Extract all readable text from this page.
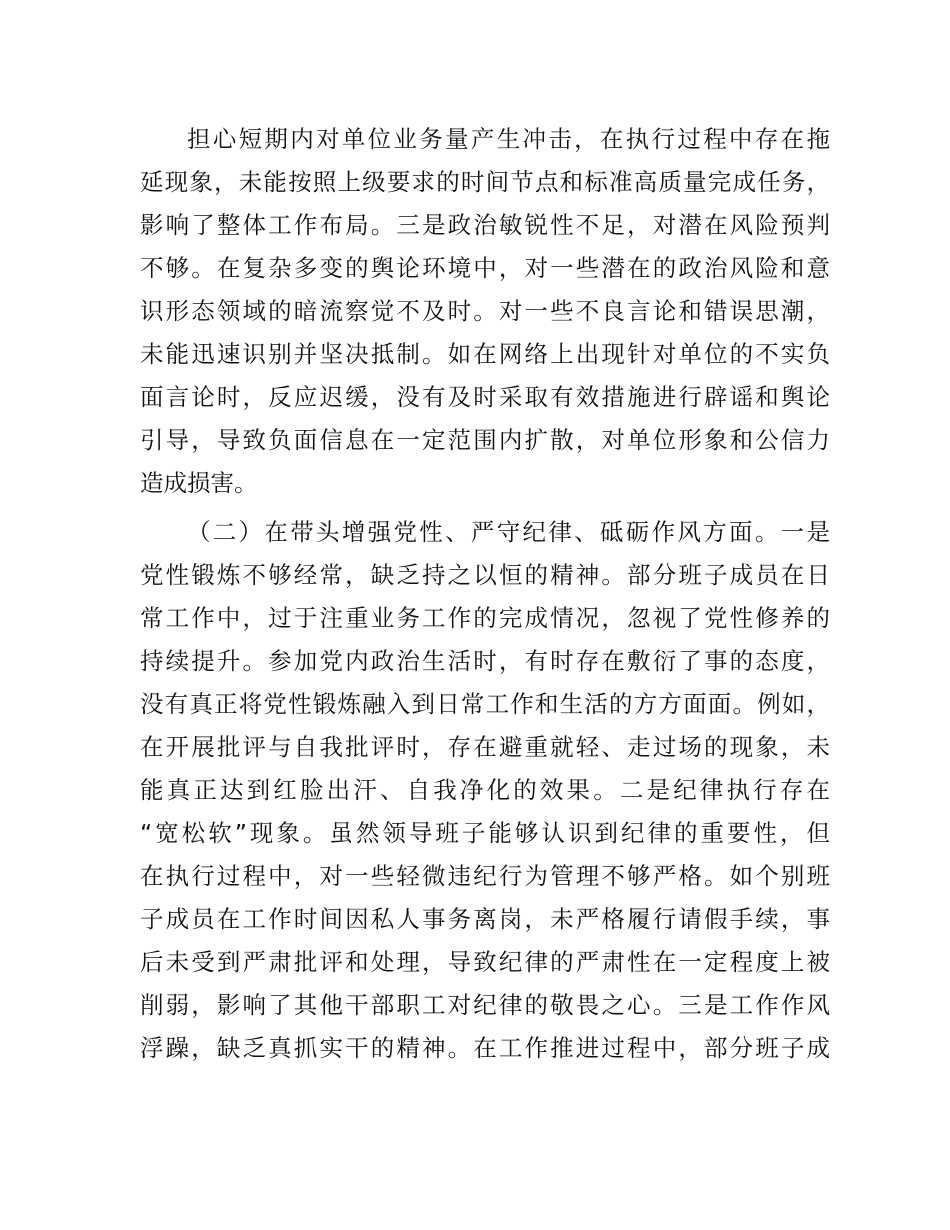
担心短期内对单位业务量产生冲击，在执行过程中存在拖
延现象，未能按照上级要求的时间节点和标准高质量完成任务，
影响了整体工作布局。三是政治敏锐性不足，对潜在风险预判
不够。在复杂多变的舆论环境中，对一些潜在的政治风险和意
识形态领域的暗流察觉不及时。对一些不良言论和错误思潮，
未能迅速识别并坚决抵制。如在网络上出现针对单位的不实负
面言论时，反应迟缓，没有及时采取有效措施进行辟谣和舆论
引导，导致负面信息在一定范围内扩散，对单位形象和公信力
造成损害。
（二）在带头增强党性、严守纪律、砥砺作风方面。一是
党性锻炼不够经常，缺乏持之以恒的精神。部分班子成员在日
常工作中，过于注重业务工作的完成情况，忽视了党性修养的
持续提升。参加党内政治生活时，有时存在敷衍了事的态度，
没有真正将党性锻炼融入到日常工作和生活的方方面面。例如，
在开展批评与自我批评时，存在避重就轻、走过场的现象，未
能真正达到红脸出汗、自我净化的效果。二是纪律执行存在
“宽松软”现象。虽然领导班子能够认识到纪律的重要性，但
在执行过程中，对一些轻微违纪行为管理不够严格。如个别班
子成员在工作时间因私人事务离岗，未严格履行请假手续，事
后未受到严肃批评和处理，导致纪律的严肃性在一定程度上被
削弱，影响了其他干部职工对纪律的敬畏之心。三是工作作风
浮躁，缺乏真抓实干的精神。在工作推进过程中，部分班子成
